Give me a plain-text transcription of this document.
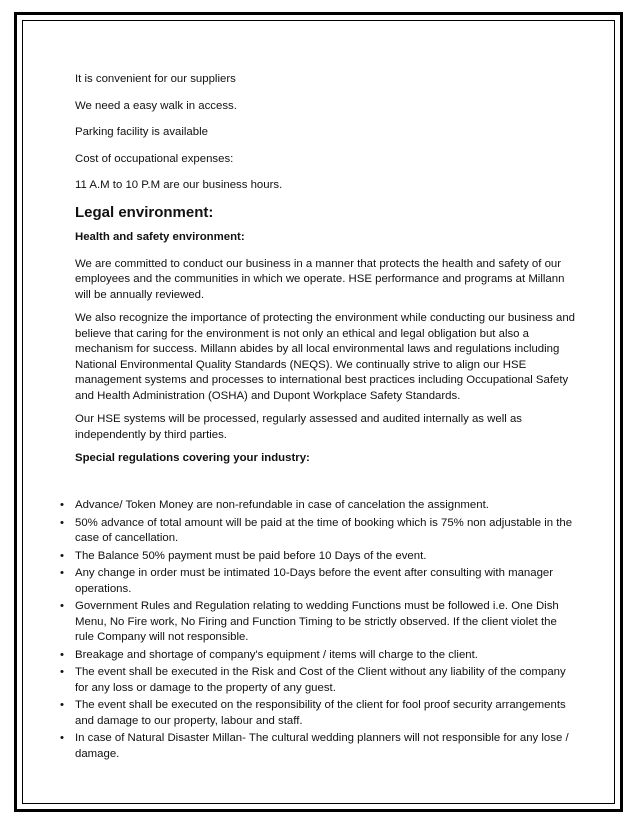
It is convenient for our suppliers

We need a easy walk in access.

Parking facility is available

Cost of occupational expenses:

11 A.M to 10 P.M are our business hours.

Legal environment:

Health and safety environment:

We are committed to conduct our business in a manner that protects the health and safety of our employees and the communities in which we operate. HSE performance and programs at Millann will be annually reviewed.

We also recognize the importance of protecting the environment while conducting our business and believe that caring for the environment is not only an ethical and legal obligation but also a mechanism for success. Millann abides by all local environmental laws and regulations including National Environmental Quality Standards (NEQS). We continually strive to align our HSE management systems and processes to international best practices including Occupational Safety and Health Administration (OSHA) and Dupont Workplace Safety Standards.

Our HSE systems will be processed, regularly assessed and audited internally as well as independently by third parties.

Special regulations covering your industry:

• Advance/ Token Money are non-refundable in case of cancelation the assignment.
• 50% advance of total amount will be paid at the time of booking which is 75% non adjustable in the case of cancellation.
• The Balance 50% payment must be paid before 10 Days of the event.
• Any change in order must be intimated 10-Days before the event after consulting with manager operations.
• Government Rules and Regulation relating to wedding Functions must be followed i.e. One Dish Menu, No Fire work, No Firing and Function Timing to be strictly observed. If the client violet the rule Company will not responsible.
• Breakage and shortage of company's equipment / items will charge to the client.
• The event shall be executed in the Risk and Cost of the Client without any liability of the company for any loss or damage to the property of any guest.
• The event shall be executed on the responsibility of the client for fool proof security arrangements and damage to our property, labour and staff.
• In case of Natural Disaster Millan- The cultural wedding planners will not responsible for any lose / damage.
